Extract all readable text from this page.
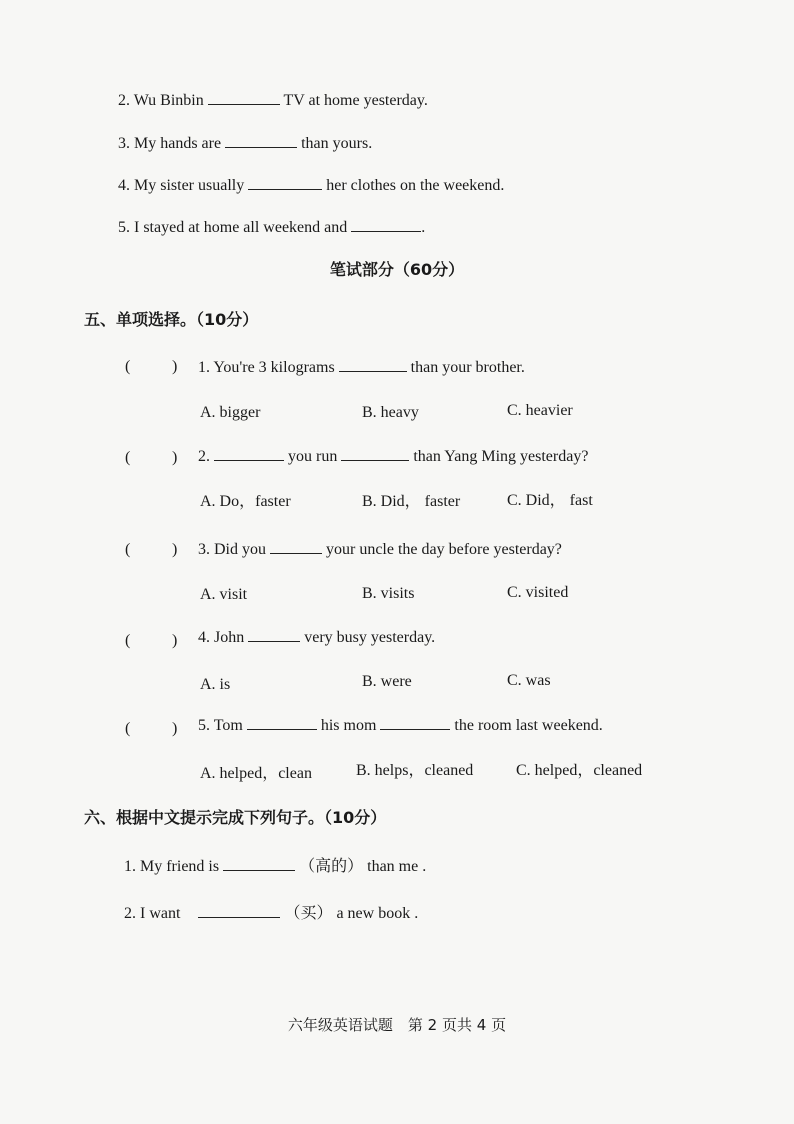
2. Wu Binbin	TV at home yesterday.
3. My hands are	than yours.
4. My sister usually	her clothes on the weekend.
5. I stayed at home all weekend and	.
笔试部分（60分）
五、单项选择。（10分）
(	) 1. You're 3 kilograms	than your brother.
A. bigger	B. heavy	C. heavier
(	) 2.	you run	than Yang Ming yesterday?
A. Do，faster	B. Did， faster	C. Did， fast
(	) 3. Did you	your uncle the day before yesterday?
A. visit	B. visits	C. visited
(	) 4. John	very busy yesterday.
A. is	B. were	C. was
(	) 5. Tom	his mom	the room last weekend.
A. helped，clean	B. helps，cleaned	C. helped，cleaned
六、根据中文提示完成下列句子。（10分）
1. My friend is	（高的） than me .
2. I want	（买） a new book .
六年级英语试题　第 2 页共 4 页
